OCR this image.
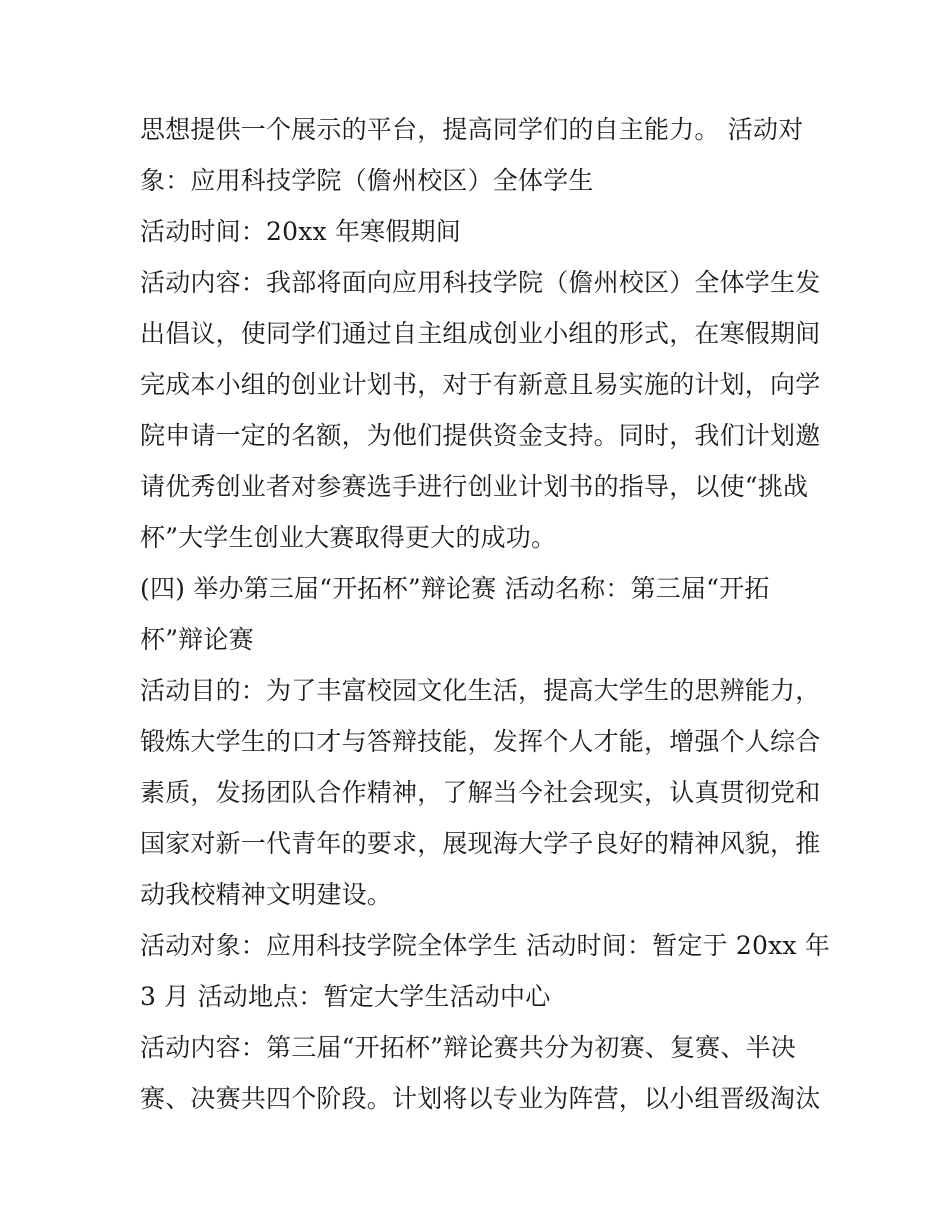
思想提供一个展示的平台，提高同学们的自主能力。 活动对
象：应用科技学院（儋州校区）全体学生
活动时间：20xx 年寒假期间
活动内容：我部将面向应用科技学院（儋州校区）全体学生发
出倡议，使同学们通过自主组成创业小组的形式，在寒假期间
完成本小组的创业计划书，对于有新意且易实施的计划，向学
院申请一定的名额，为他们提供资金支持。同时，我们计划邀
请优秀创业者对参赛选手进行创业计划书的指导，以使“挑战
杯”大学生创业大赛取得更大的成功。
(四) 举办第三届“开拓杯”辩论赛 活动名称：第三届“开拓
杯”辩论赛
活动目的：为了丰富校园文化生活，提高大学生的思辨能力，
锻炼大学生的口才与答辩技能，发挥个人才能，增强个人综合
素质，发扬团队合作精神，了解当今社会现实，认真贯彻党和
国家对新一代青年的要求，展现海大学子良好的精神风貌，推
动我校精神文明建设。
活动对象：应用科技学院全体学生 活动时间：暂定于 20xx 年
3 月 活动地点：暂定大学生活动中心
活动内容：第三届“开拓杯”辩论赛共分为初赛、复赛、半决
赛、决赛共四个阶段。计划将以专业为阵营，以小组晋级淘汰
